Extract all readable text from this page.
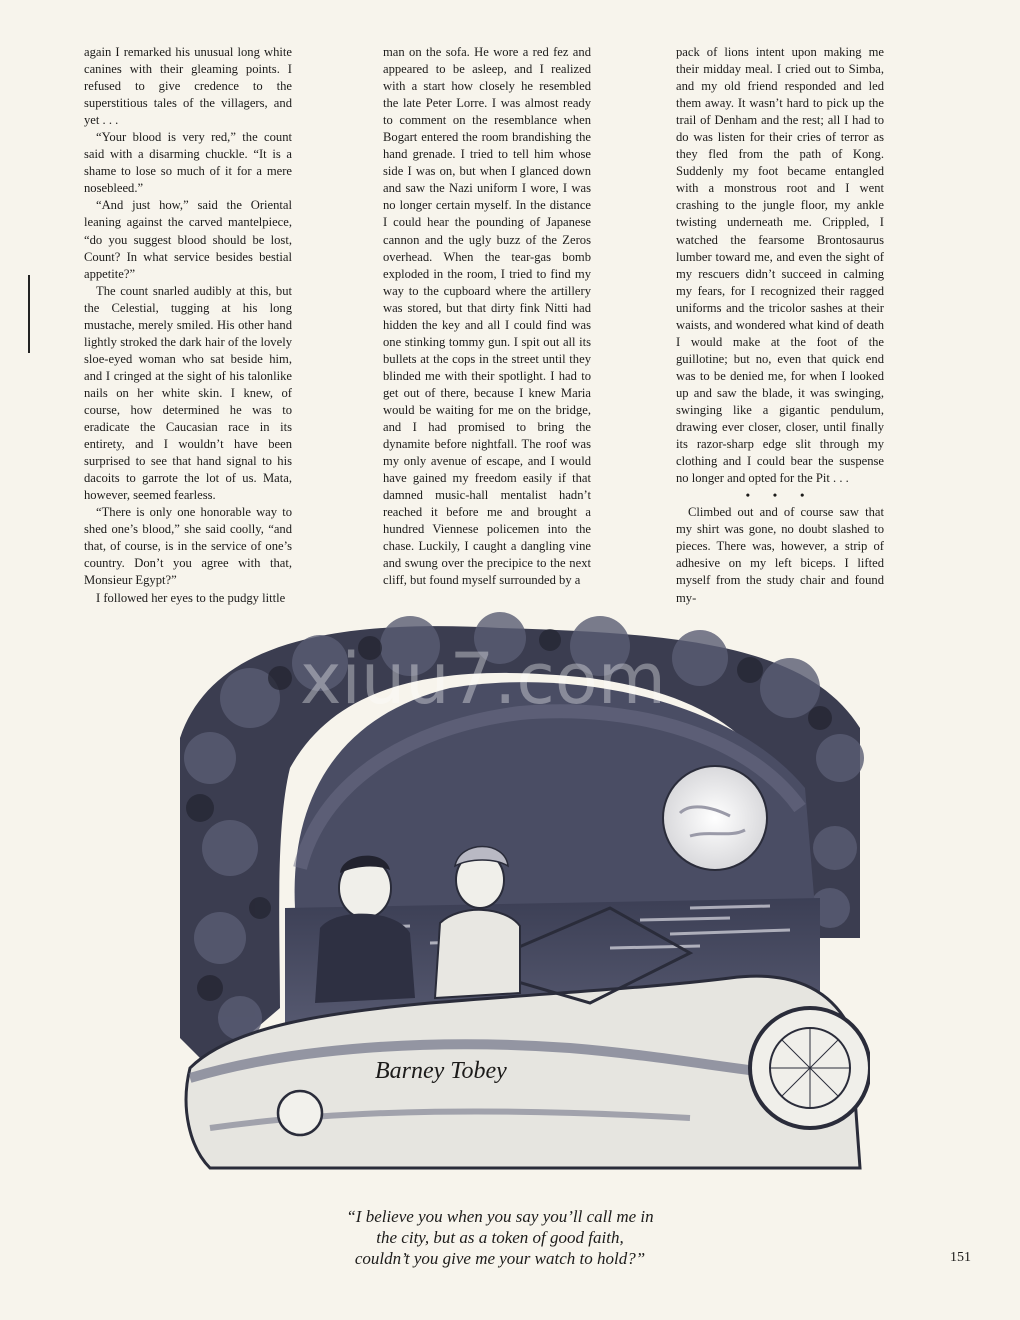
again I remarked his unusual long white canines with their gleaming points. I refused to give credence to the superstitious tales of the villagers, and yet . . .

“Your blood is very red,” the count said with a disarming chuckle. “It is a shame to lose so much of it for a mere nosebleed.”

“And just how,” said the Oriental leaning against the carved mantelpiece, “do you suggest blood should be lost, Count? In what service besides bestial appetite?”

The count snarled audibly at this, but the Celestial, tugging at his long mustache, merely smiled. His other hand lightly stroked the dark hair of the lovely sloe-eyed woman who sat beside him, and I cringed at the sight of his talonlike nails on her white skin. I knew, of course, how determined he was to eradicate the Caucasian race in its entirety, and I wouldn’t have been surprised to see that hand signal to his dacoits to garrote the lot of us. Mata, however, seemed fearless.

“There is only one honorable way to shed one’s blood,” she said coolly, “and that, of course, is in the service of one’s country. Don’t you agree with that, Monsieur Egypt?”

I followed her eyes to the pudgy little

man on the sofa. He wore a red fez and appeared to be asleep, and I realized with a start how closely he resembled the late Peter Lorre. I was almost ready to comment on the resemblance when Bogart entered the room brandishing the hand grenade. I tried to tell him whose side I was on, but when I glanced down and saw the Nazi uniform I wore, I was no longer certain myself. In the distance I could hear the pounding of Japanese cannon and the ugly buzz of the Zeros overhead. When the tear-gas bomb exploded in the room, I tried to find my way to the cupboard where the artillery was stored, but that dirty fink Nitti had hidden the key and all I could find was one stinking tommy gun. I spit out all its bullets at the cops in the street until they blinded me with their spotlight. I had to get out of there, because I knew Maria would be waiting for me on the bridge, and I had promised to bring the dynamite before nightfall. The roof was my only avenue of escape, and I would have gained my freedom easily if that damned music-hall mentalist hadn’t reached it before me and brought a hundred Viennese policemen into the chase. Luckily, I caught a dangling vine and swung over the precipice to the next cliff, but found myself surrounded by a

pack of lions intent upon making me their midday meal. I cried out to Simba, and my old friend responded and led them away. It wasn’t hard to pick up the trail of Denham and the rest; all I had to do was listen for their cries of terror as they fled from the path of Kong. Suddenly my foot became entangled with a monstrous root and I went crashing to the jungle floor, my ankle twisting underneath me. Crippled, I watched the fearsome Brontosaurus lumber toward me, and even the sight of my rescuers didn’t succeed in calming my fears, for I recognized their ragged uniforms and the tricolor sashes at their waists, and wondered what kind of death I would make at the foot of the guillotine; but no, even that quick end was to be denied me, for when I looked up and saw the blade, it was swinging, swinging like a gigantic pendulum, drawing ever closer, closer, until finally its razor-sharp edge slit through my clothing and I could bear the suspense no longer and opted for the Pit . . .

• • •

Climbed out and of course saw that my shirt was gone, no doubt slashed to pieces. There was, however, a strip of adhesive on my left biceps. I lifted myself from the study chair and found my-

Barney Tobey
xiuu7.com
“I believe you when you say you’ll call me in
the city, but as a token of good faith,
couldn’t you give me your watch to hold?”	151
